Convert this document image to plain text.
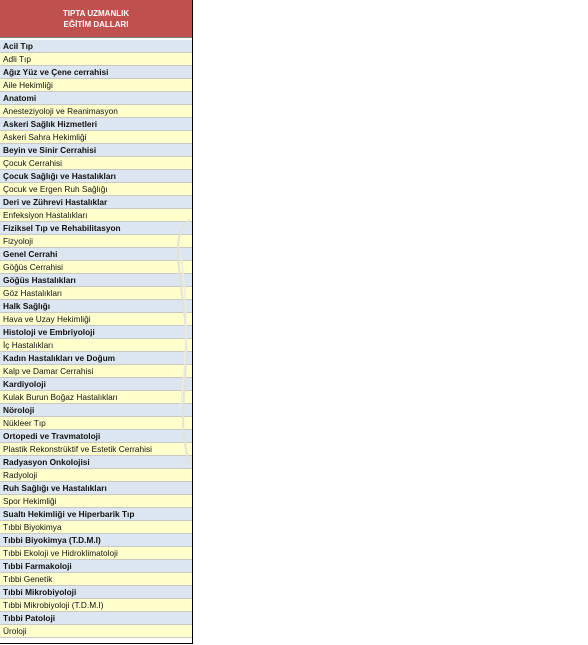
TIPTA UZMANLIK
EĞİTİM DALLARI
Acil Tıp
Adli Tıp
Ağız Yüz ve Çene cerrahisi
Aile Hekimliği
Anatomi
Anesteziyoloji ve Reanimasyon
Askeri Sağlık Hizmetleri
Askeri Sahra Hekimliği
Beyin ve Sinir Cerrahisi
Çocuk Cerrahisi
Çocuk Sağlığı ve Hastalıkları
Çocuk ve Ergen Ruh Sağlığı
Deri ve Zührevi Hastalıklar
Enfeksiyon Hastalıkları
Fiziksel Tıp ve Rehabilitasyon
Fizyoloji
Genel Cerrahi
Göğüs Cerrahisi
Göğüs Hastalıkları
Göz Hastalıkları
Halk Sağlığı
Hava ve Uzay Hekimliği
Histoloji ve Embriyoloji
İç Hastalıkları
Kadın Hastalıkları ve Doğum
Kalp ve Damar Cerrahisi
Kardiyoloji
Kulak Burun Boğaz Hastalıkları
Nöroloji
Nükleer Tıp
Ortopedi ve Travmatoloji
Plastik Rekonstrüktif ve Estetik Cerrahisi
Radyasyon Onkolojisi
Radyoloji
Ruh Sağlığı ve Hastalıkları
Spor Hekimliği
Sualtı Hekimliği ve Hiperbarik Tıp
Tıbbi Biyokimya
Tıbbi Biyokimya (T.D.M.I)
Tıbbi Ekoloji ve Hidroklimatoloji
Tıbbi Farmakoloji
Tıbbi Genetik
Tıbbi Mikrobiyoloji
Tıbbi Mikrobiyoloji (T.D.M.I)
Tıbbi Patoloji
Üroloji
